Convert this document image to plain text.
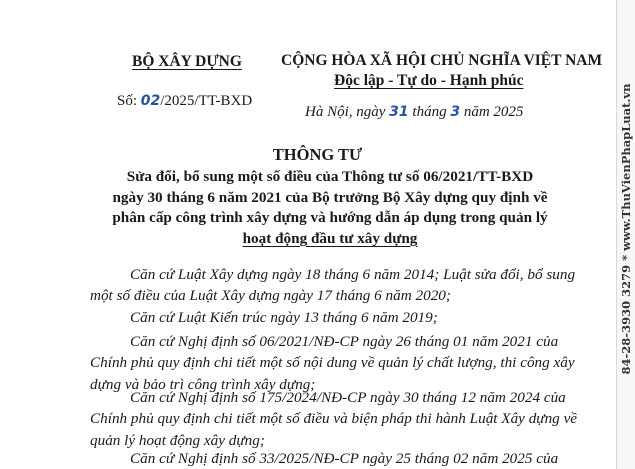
BỘ XÂY DỰNG	CỘNG HÒA XÃ HỘI CHỦ NGHĨA VIỆT NAM
Độc lập - Tự do - Hạnh phúc
Số: 02/2025/TT-BXD
Hà Nội, ngày 31 tháng 3 năm 2025
THÔNG TƯ
Sửa đổi, bổ sung một số điều của Thông tư số 06/2021/TT-BXD
ngày 30 tháng 6 năm 2021 của Bộ trưởng Bộ Xây dựng quy định về
phân cấp công trình xây dựng và hướng dẫn áp dụng trong quản lý
hoạt động đầu tư xây dựng
Căn cứ Luật Xây dựng ngày 18 tháng 6 năm 2014; Luật sửa đổi, bổ sung
một số điều của Luật Xây dựng ngày 17 tháng 6 năm 2020;
Căn cứ Luật Kiến trúc ngày 13 tháng 6 năm 2019;
Căn cứ Nghị định số 06/2021/NĐ-CP ngày 26 tháng 01 năm 2021 của
Chính phủ quy định chi tiết một số nội dung về quản lý chất lượng, thi công xây
dựng và bảo trì công trình xây dựng;
Căn cứ Nghị định số 175/2024/NĐ-CP ngày 30 tháng 12 năm 2024 của
Chính phủ quy định chi tiết một số điều và biện pháp thi hành Luật Xây dựng về
quản lý hoạt động xây dựng;
Căn cứ Nghị định số 33/2025/NĐ-CP ngày 25 tháng 02 năm 2025 của
84-28-3930 3279 * www.ThuVienPhapLuat.vn
